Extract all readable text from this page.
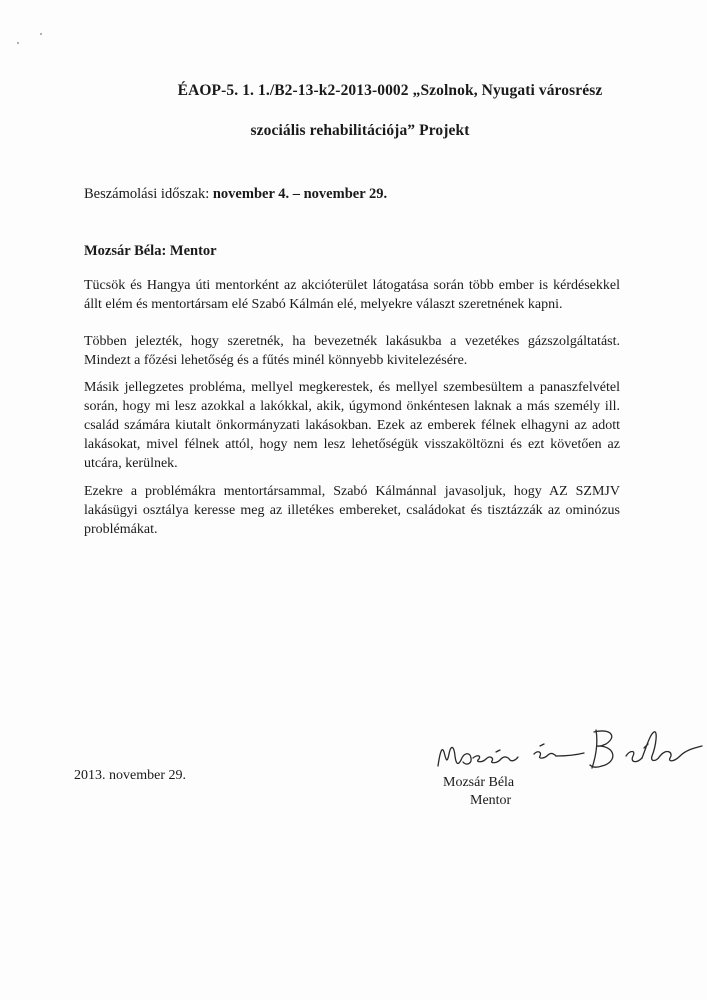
ÉAOP-5. 1. 1./B2-13-k2-2013-0002 „Szolnok, Nyugati városrész
szociális rehabilitációja” Projekt
Beszámolási időszak: november 4. – november 29.
Mozsár Béla: Mentor
Tücsök és Hangya úti mentorként az akcióterület látogatása során több ember is kérdésekkel állt elém és mentortársam elé Szabó Kálmán elé, melyekre választ szeretnének kapni.
Többen jelezték, hogy szeretnék, ha bevezetnék lakásukba a vezetékes gázszolgáltatást. Mindezt a főzési lehetőség és a fűtés minél könnyebb kivitelezésére.
Másik jellegzetes probléma, mellyel megkerestek, és mellyel szembesültem a panaszfelvétel során, hogy mi lesz azokkal a lakókkal, akik, úgymond önkéntesen laknak a más személy ill. család számára kiutalt önkormányzati lakásokban. Ezek az emberek félnek elhagyni az adott lakásokat, mivel félnek attól, hogy nem lesz lehetőségük visszaköltözni és ezt követően az utcára, kerülnek.
Ezekre a problémákra mentortársammal, Szabó Kálmánnal javasoljuk, hogy AZ SZMJV lakásügyi osztálya keresse meg az illetékes embereket, családokat és tisztázzák az ominózus problémákat.
2013. november 29.	Mozsár Béla
Mentor
